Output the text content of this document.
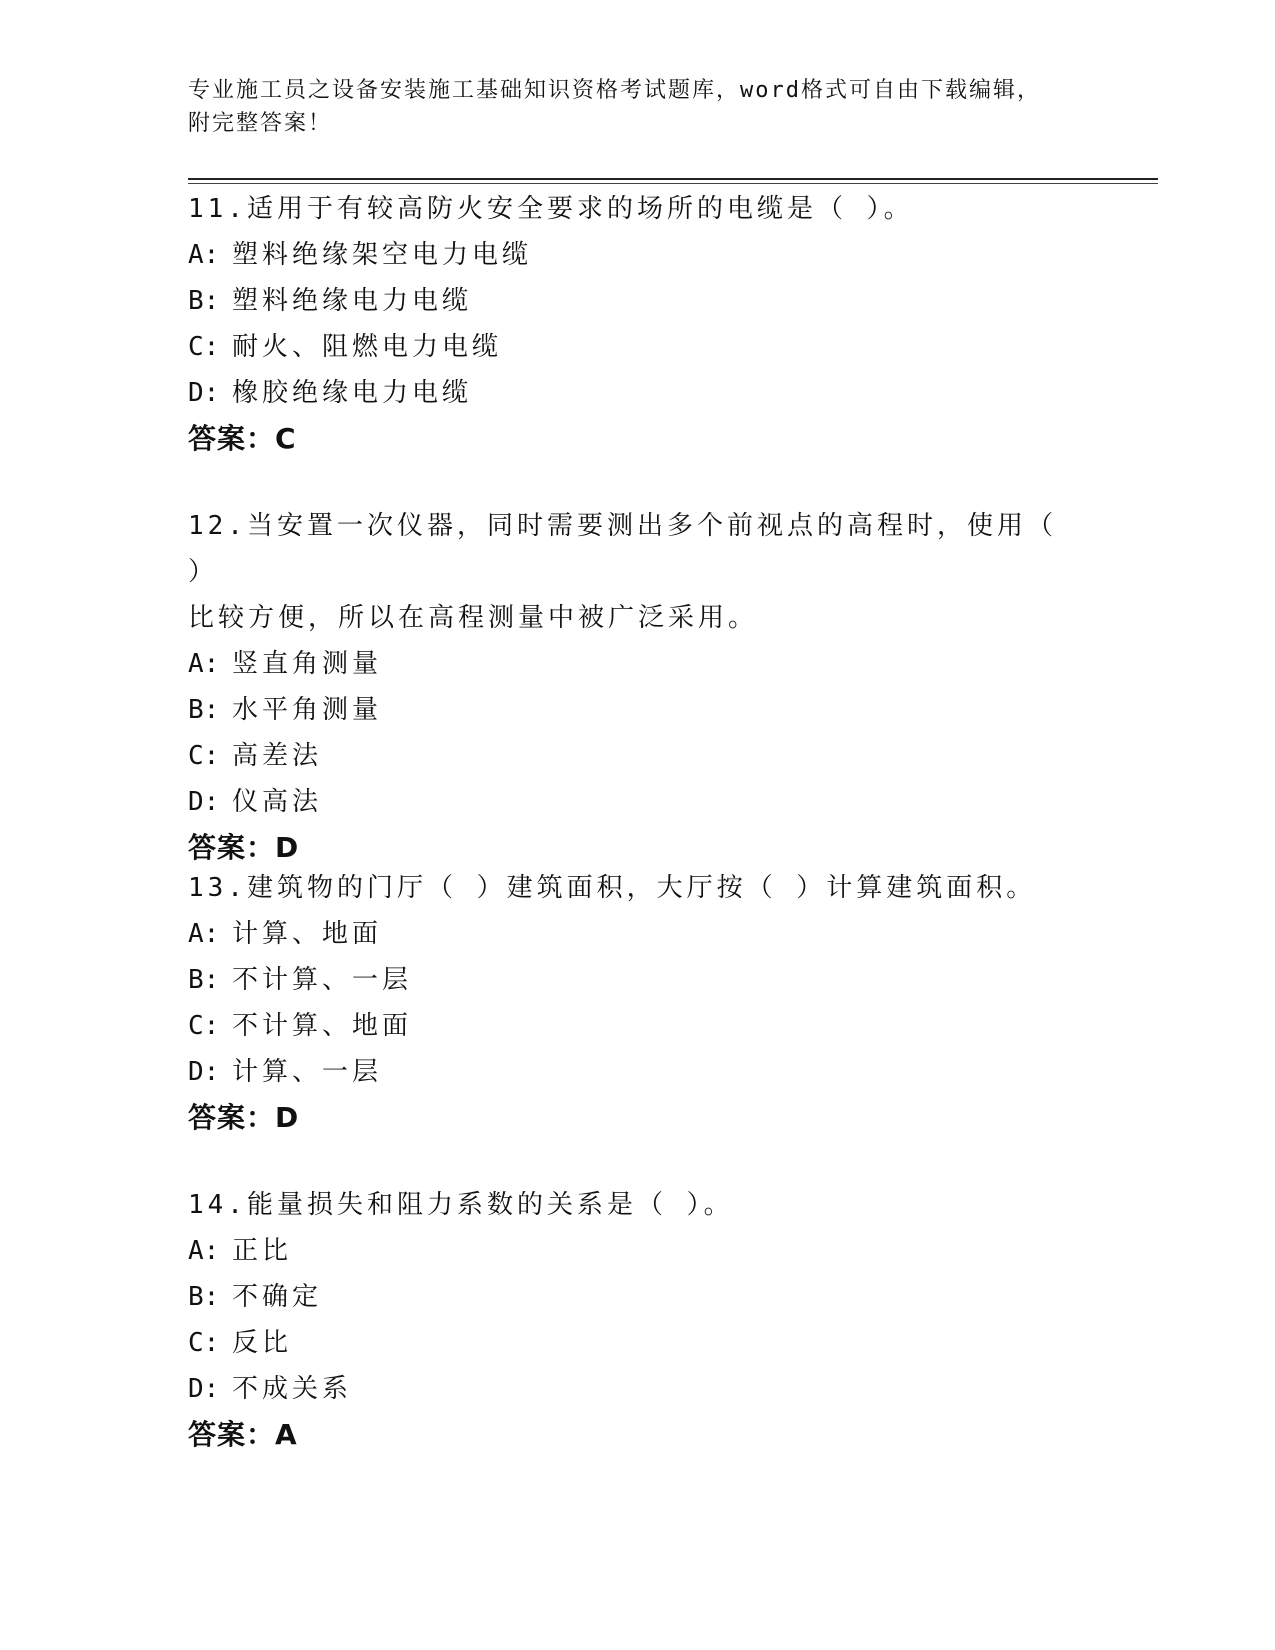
专业施工员之设备安装施工基础知识资格考试题库，word格式可自由下载编辑，
附完整答案！
11.适用于有较高防火安全要求的场所的电缆是（ ）。
A: 塑料绝缘架空电力电缆
B: 塑料绝缘电力电缆
C: 耐火、阻燃电力电缆
D: 橡胶绝缘电力电缆
答案：C
12.当安置一次仪器，同时需要测出多个前视点的高程时，使用（ ）
比较方便，所以在高程测量中被广泛采用。
A: 竖直角测量
B: 水平角测量
C: 高差法
D: 仪高法
答案：D
13.建筑物的门厅（ ）建筑面积，大厅按（ ）计算建筑面积。
A: 计算、地面
B: 不计算、一层
C: 不计算、地面
D: 计算、一层
答案：D
14.能量损失和阻力系数的关系是（ ）。
A: 正比
B: 不确定
C: 反比
D: 不成关系
答案：A
